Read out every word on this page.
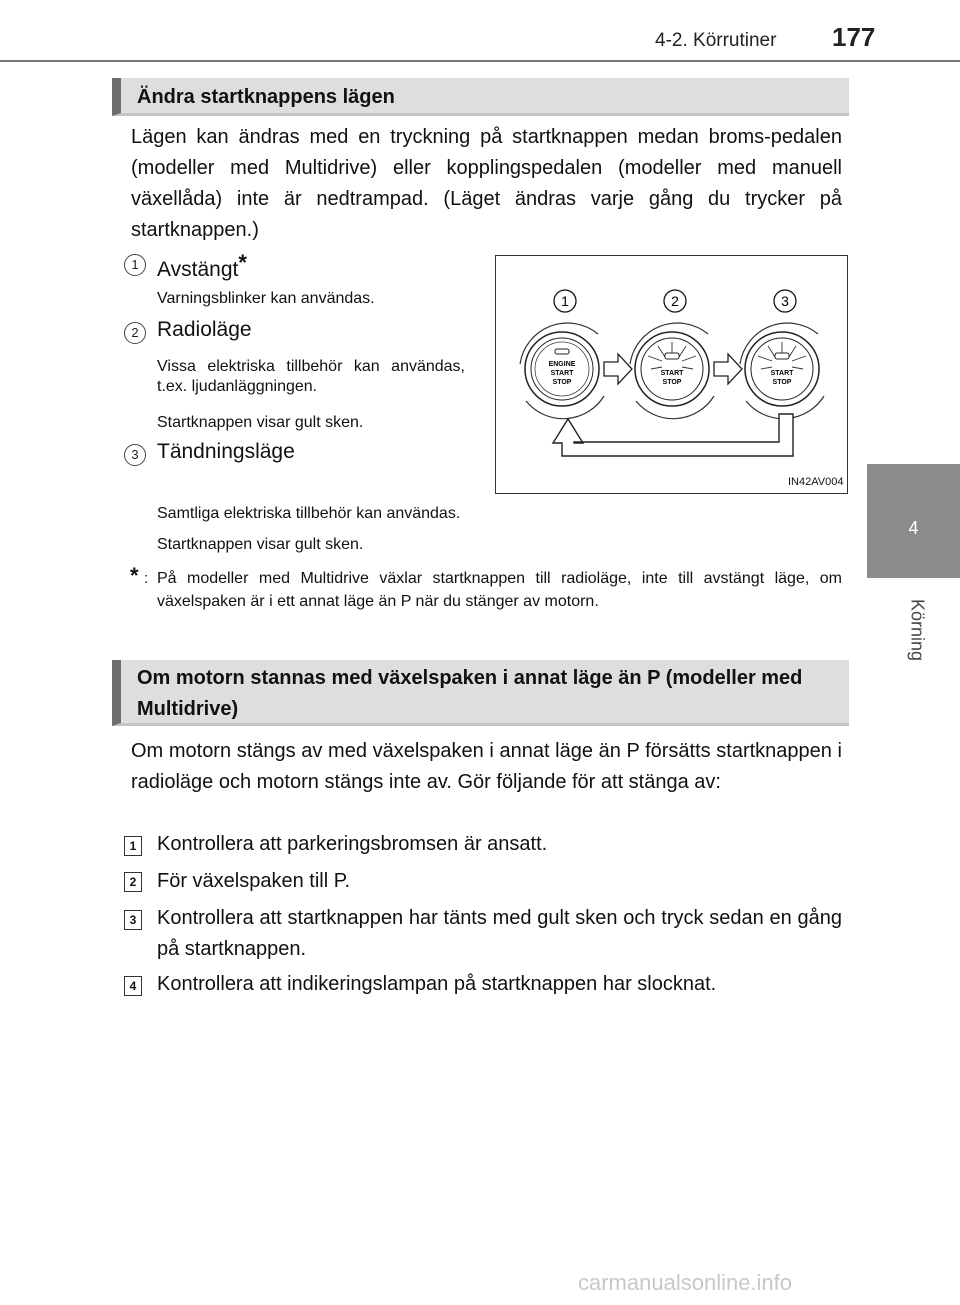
4-2. Körrutiner 177
4
Körning
Ändra startknappens lägen
Lägen kan ändras med en tryckning på startknappen medan broms-pedalen (modeller med Multidrive) eller kopplingspedalen (modeller med manuell växellåda) inte är nedtrampad. (Läget ändras varje gång du trycker på startknappen.)
1 Avstängt*
Varningsblinker kan användas.
2 Radioläge
Vissa elektriska tillbehör kan användas, t.ex. ljudanläggningen.
Startknappen visar gult sken.
3 Tändningsläge
Samtliga elektriska tillbehör kan användas.
Startknappen visar gult sken.
1	2	3
ENGINE
START
STOP
START
STOP
START
STOP
IN42AV004
* : På modeller med Multidrive växlar startknappen till radioläge, inte till avstängt läge, om växelspaken är i ett annat läge än P när du stänger av motorn.
Om motorn stannas med växelspaken i annat läge än P (modeller med Multidrive)
Om motorn stängs av med växelspaken i annat läge än P försätts startknappen i radioläge och motorn stängs inte av. Gör följande för att stänga av:
1 Kontrollera att parkeringsbromsen är ansatt.
2 För växelspaken till P.
3 Kontrollera att startknappen har tänts med gult sken och tryck sedan en gång på startknappen.
4 Kontrollera att indikeringslampan på startknappen har slocknat.
carmanualsonline.info
